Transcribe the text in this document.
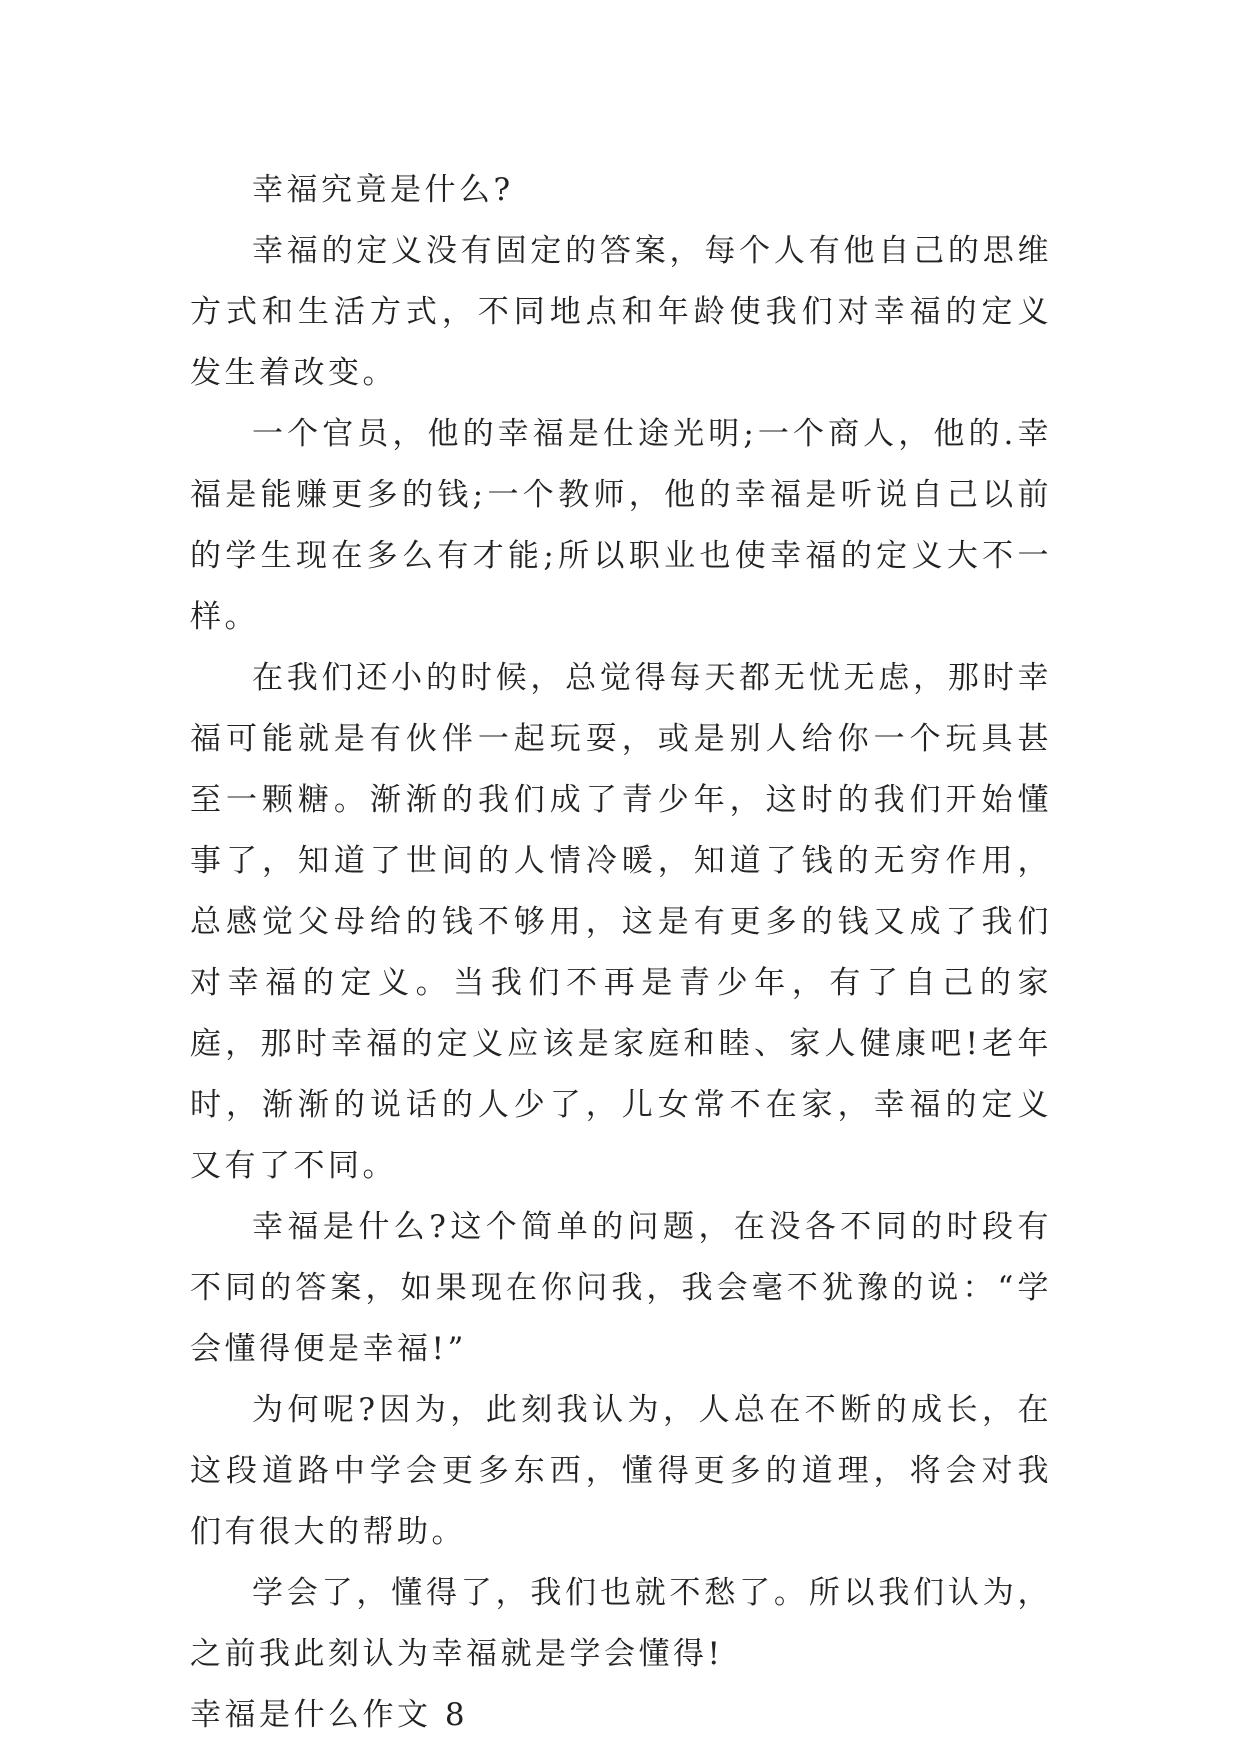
幸福究竟是什么?

幸福的定义没有固定的答案，每个人有他自己的思维方式和生活方式，不同地点和年龄使我们对幸福的定义发生着改变。

一个官员，他的幸福是仕途光明;一个商人，他的.幸福是能赚更多的钱;一个教师，他的幸福是听说自己以前的学生现在多么有才能;所以职业也使幸福的定义大不一样。

在我们还小的时候，总觉得每天都无忧无虑，那时幸福可能就是有伙伴一起玩耍，或是别人给你一个玩具甚至一颗糖。渐渐的我们成了青少年，这时的我们开始懂事了，知道了世间的人情冷暖，知道了钱的无穷作用，总感觉父母给的钱不够用，这是有更多的钱又成了我们对幸福的定义。当我们不再是青少年，有了自己的家庭，那时幸福的定义应该是家庭和睦、家人健康吧!老年时，渐渐的说话的人少了，儿女常不在家，幸福的定义又有了不同。

幸福是什么?这个简单的问题，在没各不同的时段有不同的答案，如果现在你问我，我会毫不犹豫的说：“学会懂得便是幸福!”

为何呢?因为，此刻我认为，人总在不断的成长，在这段道路中学会更多东西，懂得更多的道理，将会对我们有很大的帮助。

学会了，懂得了，我们也就不愁了。所以我们认为，之前我此刻认为幸福就是学会懂得!

幸福是什么作文 8
